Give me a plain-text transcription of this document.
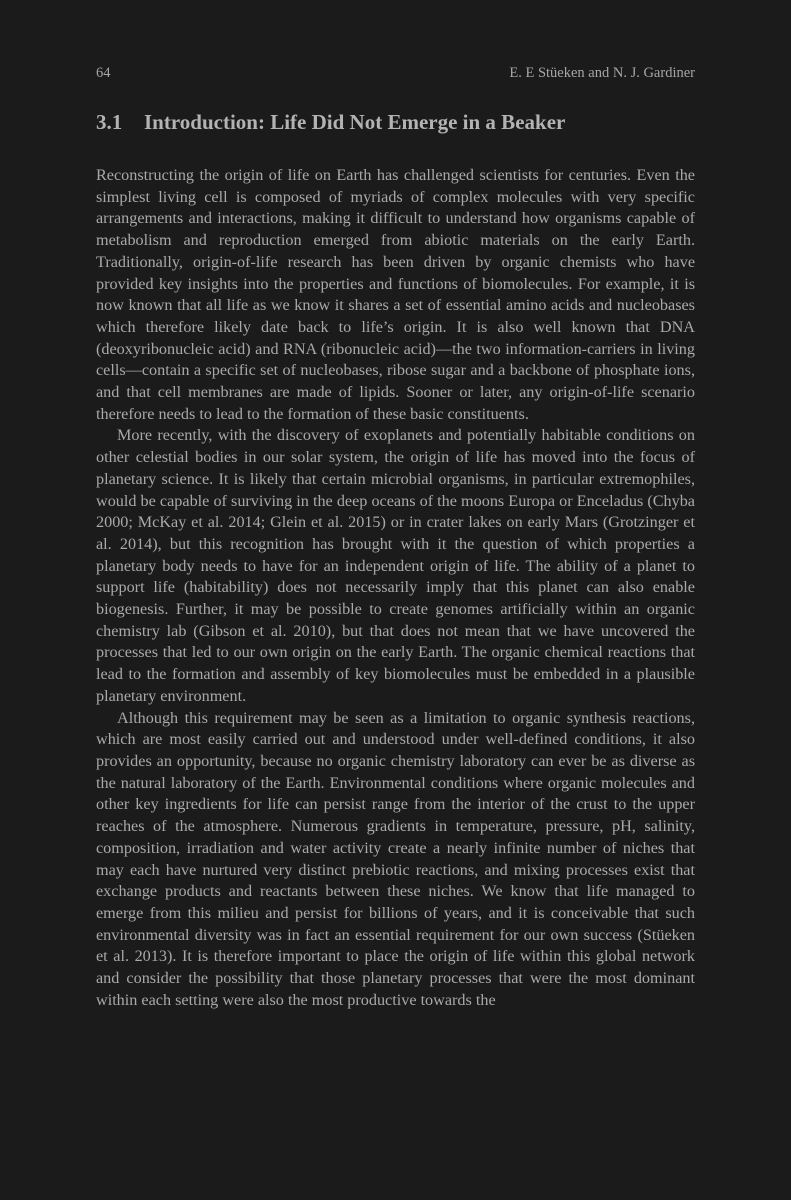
64	E. E Stüeken and N. J. Gardiner
3.1	Introduction: Life Did Not Emerge in a Beaker

Reconstructing the origin of life on Earth has challenged scientists for centuries. Even the simplest living cell is composed of myriads of complex molecules with very specific arrangements and interactions, making it difficult to understand how organisms capable of metabolism and reproduction emerged from abiotic materials on the early Earth. Traditionally, origin-of-life research has been driven by organic chemists who have provided key insights into the properties and functions of biomolecules. For example, it is now known that all life as we know it shares a set of essential amino acids and nucleobases which therefore likely date back to life’s origin. It is also well known that DNA (deoxyribonucleic acid) and RNA (ribonucleic acid)—the two information-carriers in living cells—contain a specific set of nucleobases, ribose sugar and a backbone of phosphate ions, and that cell membranes are made of lipids. Sooner or later, any origin-of-life scenario therefore needs to lead to the formation of these basic constituents.

More recently, with the discovery of exoplanets and potentially habitable conditions on other celestial bodies in our solar system, the origin of life has moved into the focus of planetary science. It is likely that certain microbial organisms, in particular extremophiles, would be capable of surviving in the deep oceans of the moons Europa or Enceladus (Chyba 2000; McKay et al. 2014; Glein et al. 2015) or in crater lakes on early Mars (Grotzinger et al. 2014), but this recognition has brought with it the question of which properties a planetary body needs to have for an independent origin of life. The ability of a planet to support life (habitability) does not necessarily imply that this planet can also enable biogenesis. Further, it may be possible to create genomes artificially within an organic chemistry lab (Gibson et al. 2010), but that does not mean that we have uncovered the processes that led to our own origin on the early Earth. The organic chemical reactions that lead to the formation and assembly of key biomolecules must be embedded in a plausible planetary environment.

Although this requirement may be seen as a limitation to organic synthesis reactions, which are most easily carried out and understood under well-defined conditions, it also provides an opportunity, because no organic chemistry laboratory can ever be as diverse as the natural laboratory of the Earth. Environmental conditions where organic molecules and other key ingredients for life can persist range from the interior of the crust to the upper reaches of the atmosphere. Numerous gradients in temperature, pressure, pH, salinity, composition, irradiation and water activity create a nearly infinite number of niches that may each have nurtured very distinct prebiotic reactions, and mixing processes exist that exchange products and reactants between these niches. We know that life managed to emerge from this milieu and persist for billions of years, and it is conceivable that such environmental diversity was in fact an essential requirement for our own success (Stüeken et al. 2013). It is therefore important to place the origin of life within this global network and consider the possibility that those planetary processes that were the most dominant within each setting were also the most productive towards the
